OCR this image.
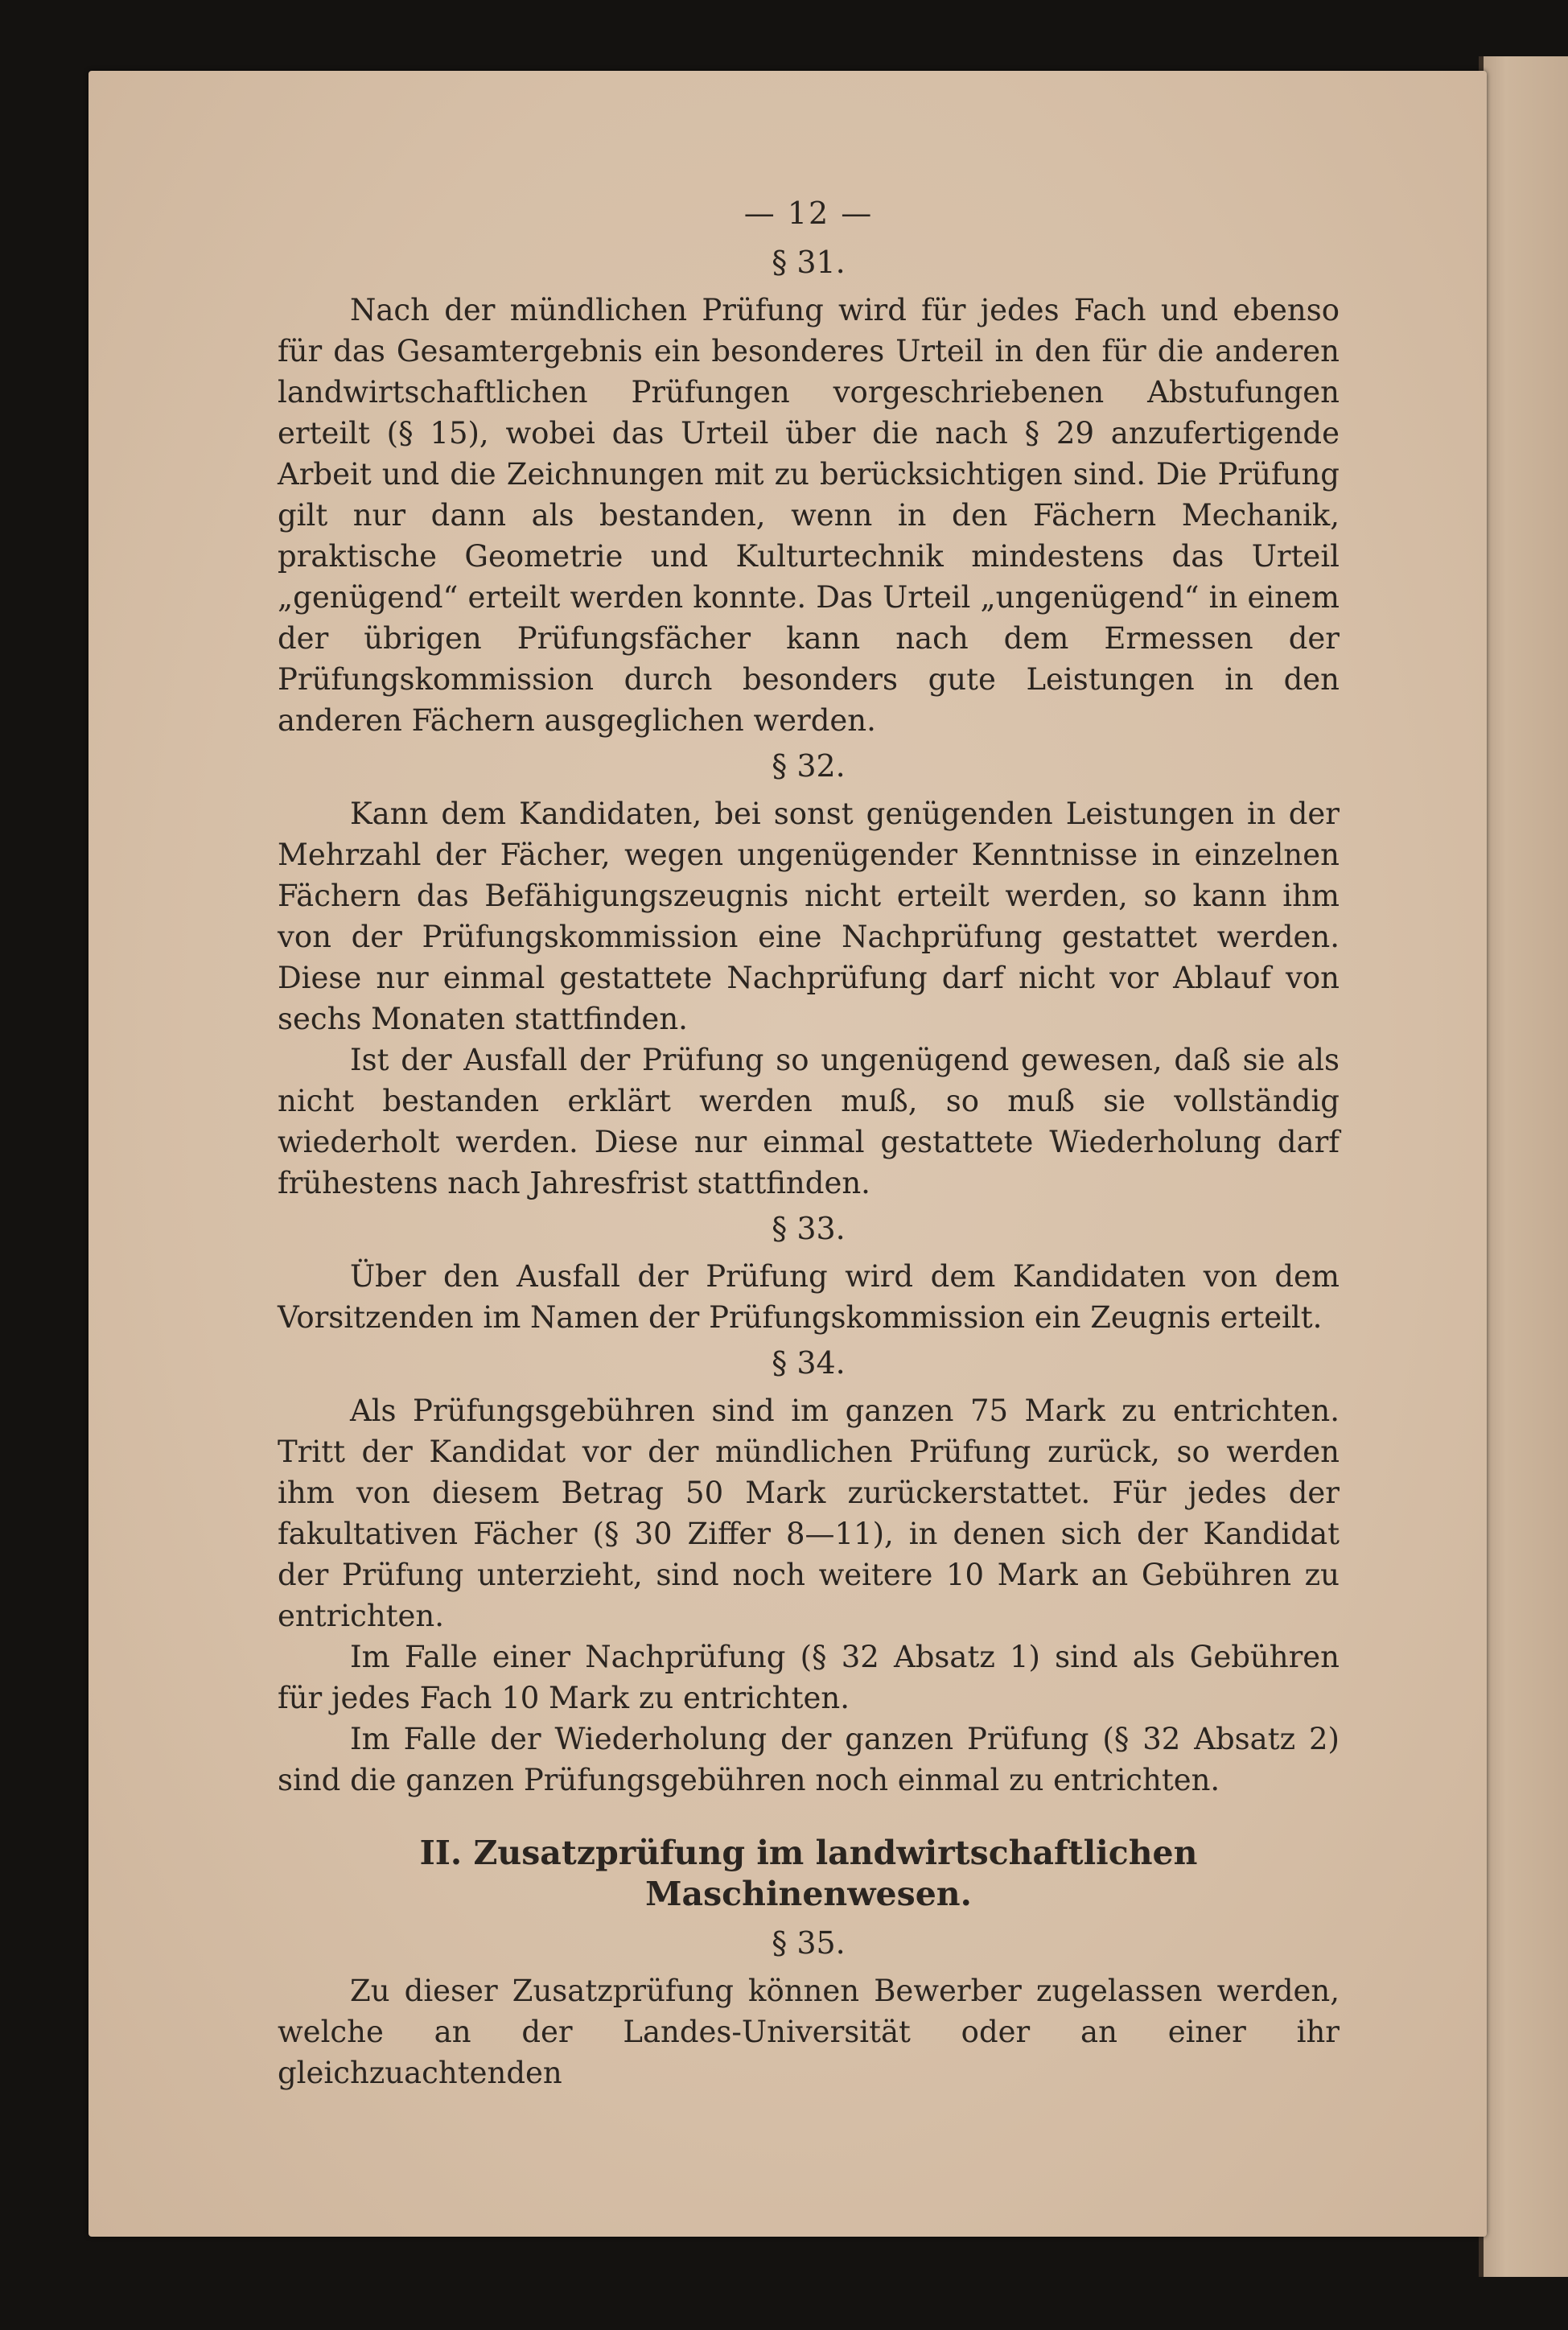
— 12 —
§ 31.

Nach der mündlichen Prüfung wird für jedes Fach und ebenso für das Gesamtergebnis ein besonderes Urteil in den für die anderen landwirtschaftlichen Prüfungen vorgeschriebenen Abstufungen erteilt (§ 15), wobei das Urteil über die nach § 29 anzufertigende Arbeit und die Zeichnungen mit zu berücksichtigen sind. Die Prüfung gilt nur dann als bestanden, wenn in den Fächern Mechanik, praktische Geometrie und Kulturtechnik mindestens das Urteil „genügend“ erteilt werden konnte. Das Urteil „ungenügend“ in einem der übrigen Prüfungsfächer kann nach dem Ermessen der Prüfungskommission durch besonders gute Leistungen in den anderen Fächern ausgeglichen werden.

§ 32.

Kann dem Kandidaten, bei sonst genügenden Leistungen in der Mehrzahl der Fächer, wegen ungenügender Kenntnisse in einzelnen Fächern das Befähigungszeugnis nicht erteilt werden, so kann ihm von der Prüfungskommission eine Nachprüfung gestattet werden. Diese nur einmal gestattete Nachprüfung darf nicht vor Ablauf von sechs Monaten stattfinden.

Ist der Ausfall der Prüfung so ungenügend gewesen, daß sie als nicht bestanden erklärt werden muß, so muß sie vollständig wiederholt werden. Diese nur einmal gestattete Wiederholung darf frühestens nach Jahresfrist stattfinden.

§ 33.

Über den Ausfall der Prüfung wird dem Kandidaten von dem Vorsitzenden im Namen der Prüfungskommission ein Zeugnis erteilt.

§ 34.

Als Prüfungsgebühren sind im ganzen 75 Mark zu entrichten. Tritt der Kandidat vor der mündlichen Prüfung zurück, so werden ihm von diesem Betrag 50 Mark zurückerstattet. Für jedes der fakultativen Fächer (§ 30 Ziffer 8—11), in denen sich der Kandidat der Prüfung unterzieht, sind noch weitere 10 Mark an Gebühren zu entrichten.

Im Falle einer Nachprüfung (§ 32 Absatz 1) sind als Gebühren für jedes Fach 10 Mark zu entrichten.

Im Falle der Wiederholung der ganzen Prüfung (§ 32 Absatz 2) sind die ganzen Prüfungsgebühren noch einmal zu entrichten.

II. Zusatzprüfung im landwirtschaftlichen Maschinenwesen.
§ 35.

Zu dieser Zusatzprüfung können Bewerber zugelassen werden, welche an der Landes-Universität oder an einer ihr gleichzuachtenden
